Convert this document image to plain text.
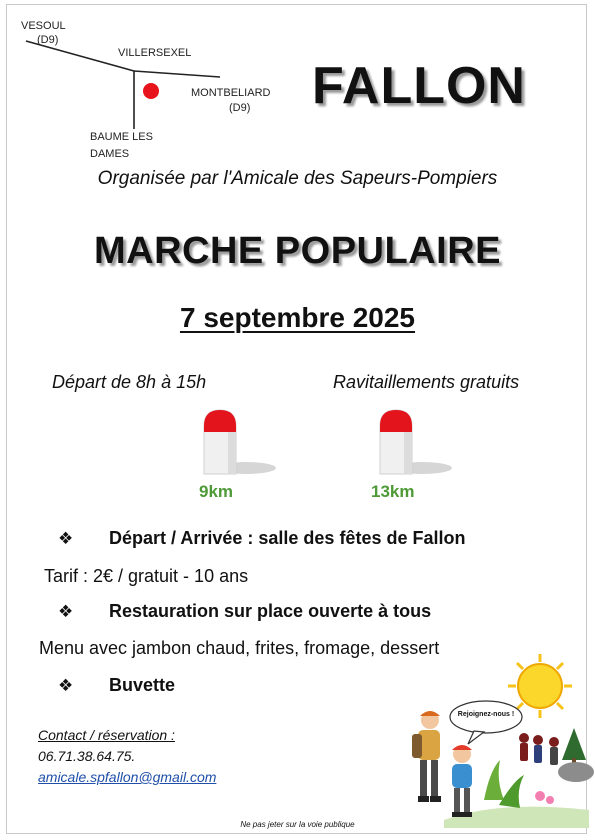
VESOUL
(D9)
VILLERSEXEL
MONTBELIARD
(D9)
BAUME LES
DAMES
FALLON
Organisée par l'Amicale des Sapeurs-Pompiers
MARCHE POPULAIRE
7 septembre 2025
Départ de 8h à 15h	Ravitaillements gratuits
9km	13km
❖	Départ / Arrivée : salle des fêtes de Fallon
Tarif : 2€ / gratuit - 10 ans
❖	Restauration sur place ouverte à tous
Menu avec jambon chaud, frites, fromage, dessert
❖	Buvette
Contact / réservation :
06.71.38.64.75.
amicale.spfallon@gmail.com
Rejoignez-nous !
Ne pas jeter sur la voie publique
